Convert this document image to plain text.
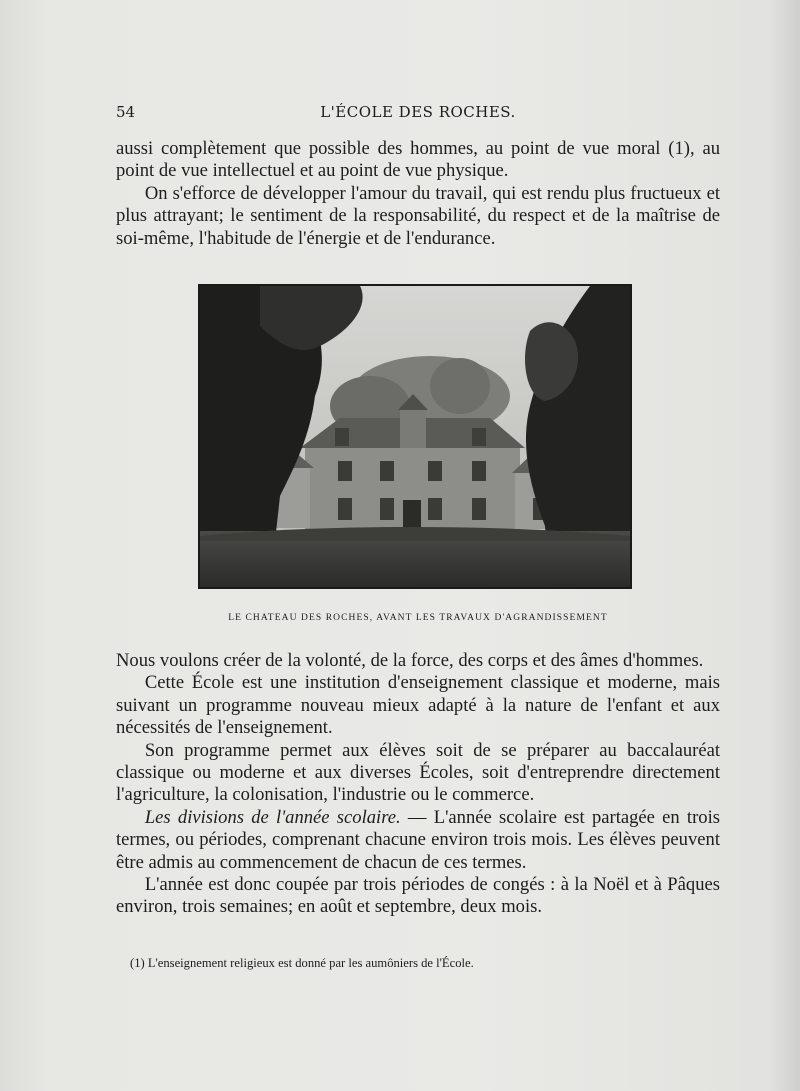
54	L'ÉCOLE DES ROCHES.

aussi complètement que possible des hommes, au point de vue moral (1), au point de vue intellectuel et au point de vue physique.

On s'efforce de développer l'amour du travail, qui est rendu plus fructueux et plus attrayant; le sentiment de la responsabilité, du respect et de la maîtrise de soi-même, l'habitude de l'énergie et de l'endurance.

LE CHATEAU DES ROCHES, AVANT LES TRAVAUX D'AGRANDISSEMENT

Nous voulons créer de la volonté, de la force, des corps et des âmes d'hommes.

Cette École est une institution d'enseignement classique et moderne, mais suivant un programme nouveau mieux adapté à la nature de l'enfant et aux nécessités de l'enseignement.

Son programme permet aux élèves soit de se préparer au baccalauréat classique ou moderne et aux diverses Écoles, soit d'entreprendre directement l'agriculture, la colonisation, l'industrie ou le commerce.

Les divisions de l'année scolaire. — L'année scolaire est partagée en trois termes, ou périodes, comprenant chacune environ trois mois. Les élèves peuvent être admis au commencement de chacun de ces termes.

L'année est donc coupée par trois périodes de congés : à la Noël et à Pâques environ, trois semaines; en août et septembre, deux mois.

(1) L'enseignement religieux est donné par les aumôniers de l'École.
